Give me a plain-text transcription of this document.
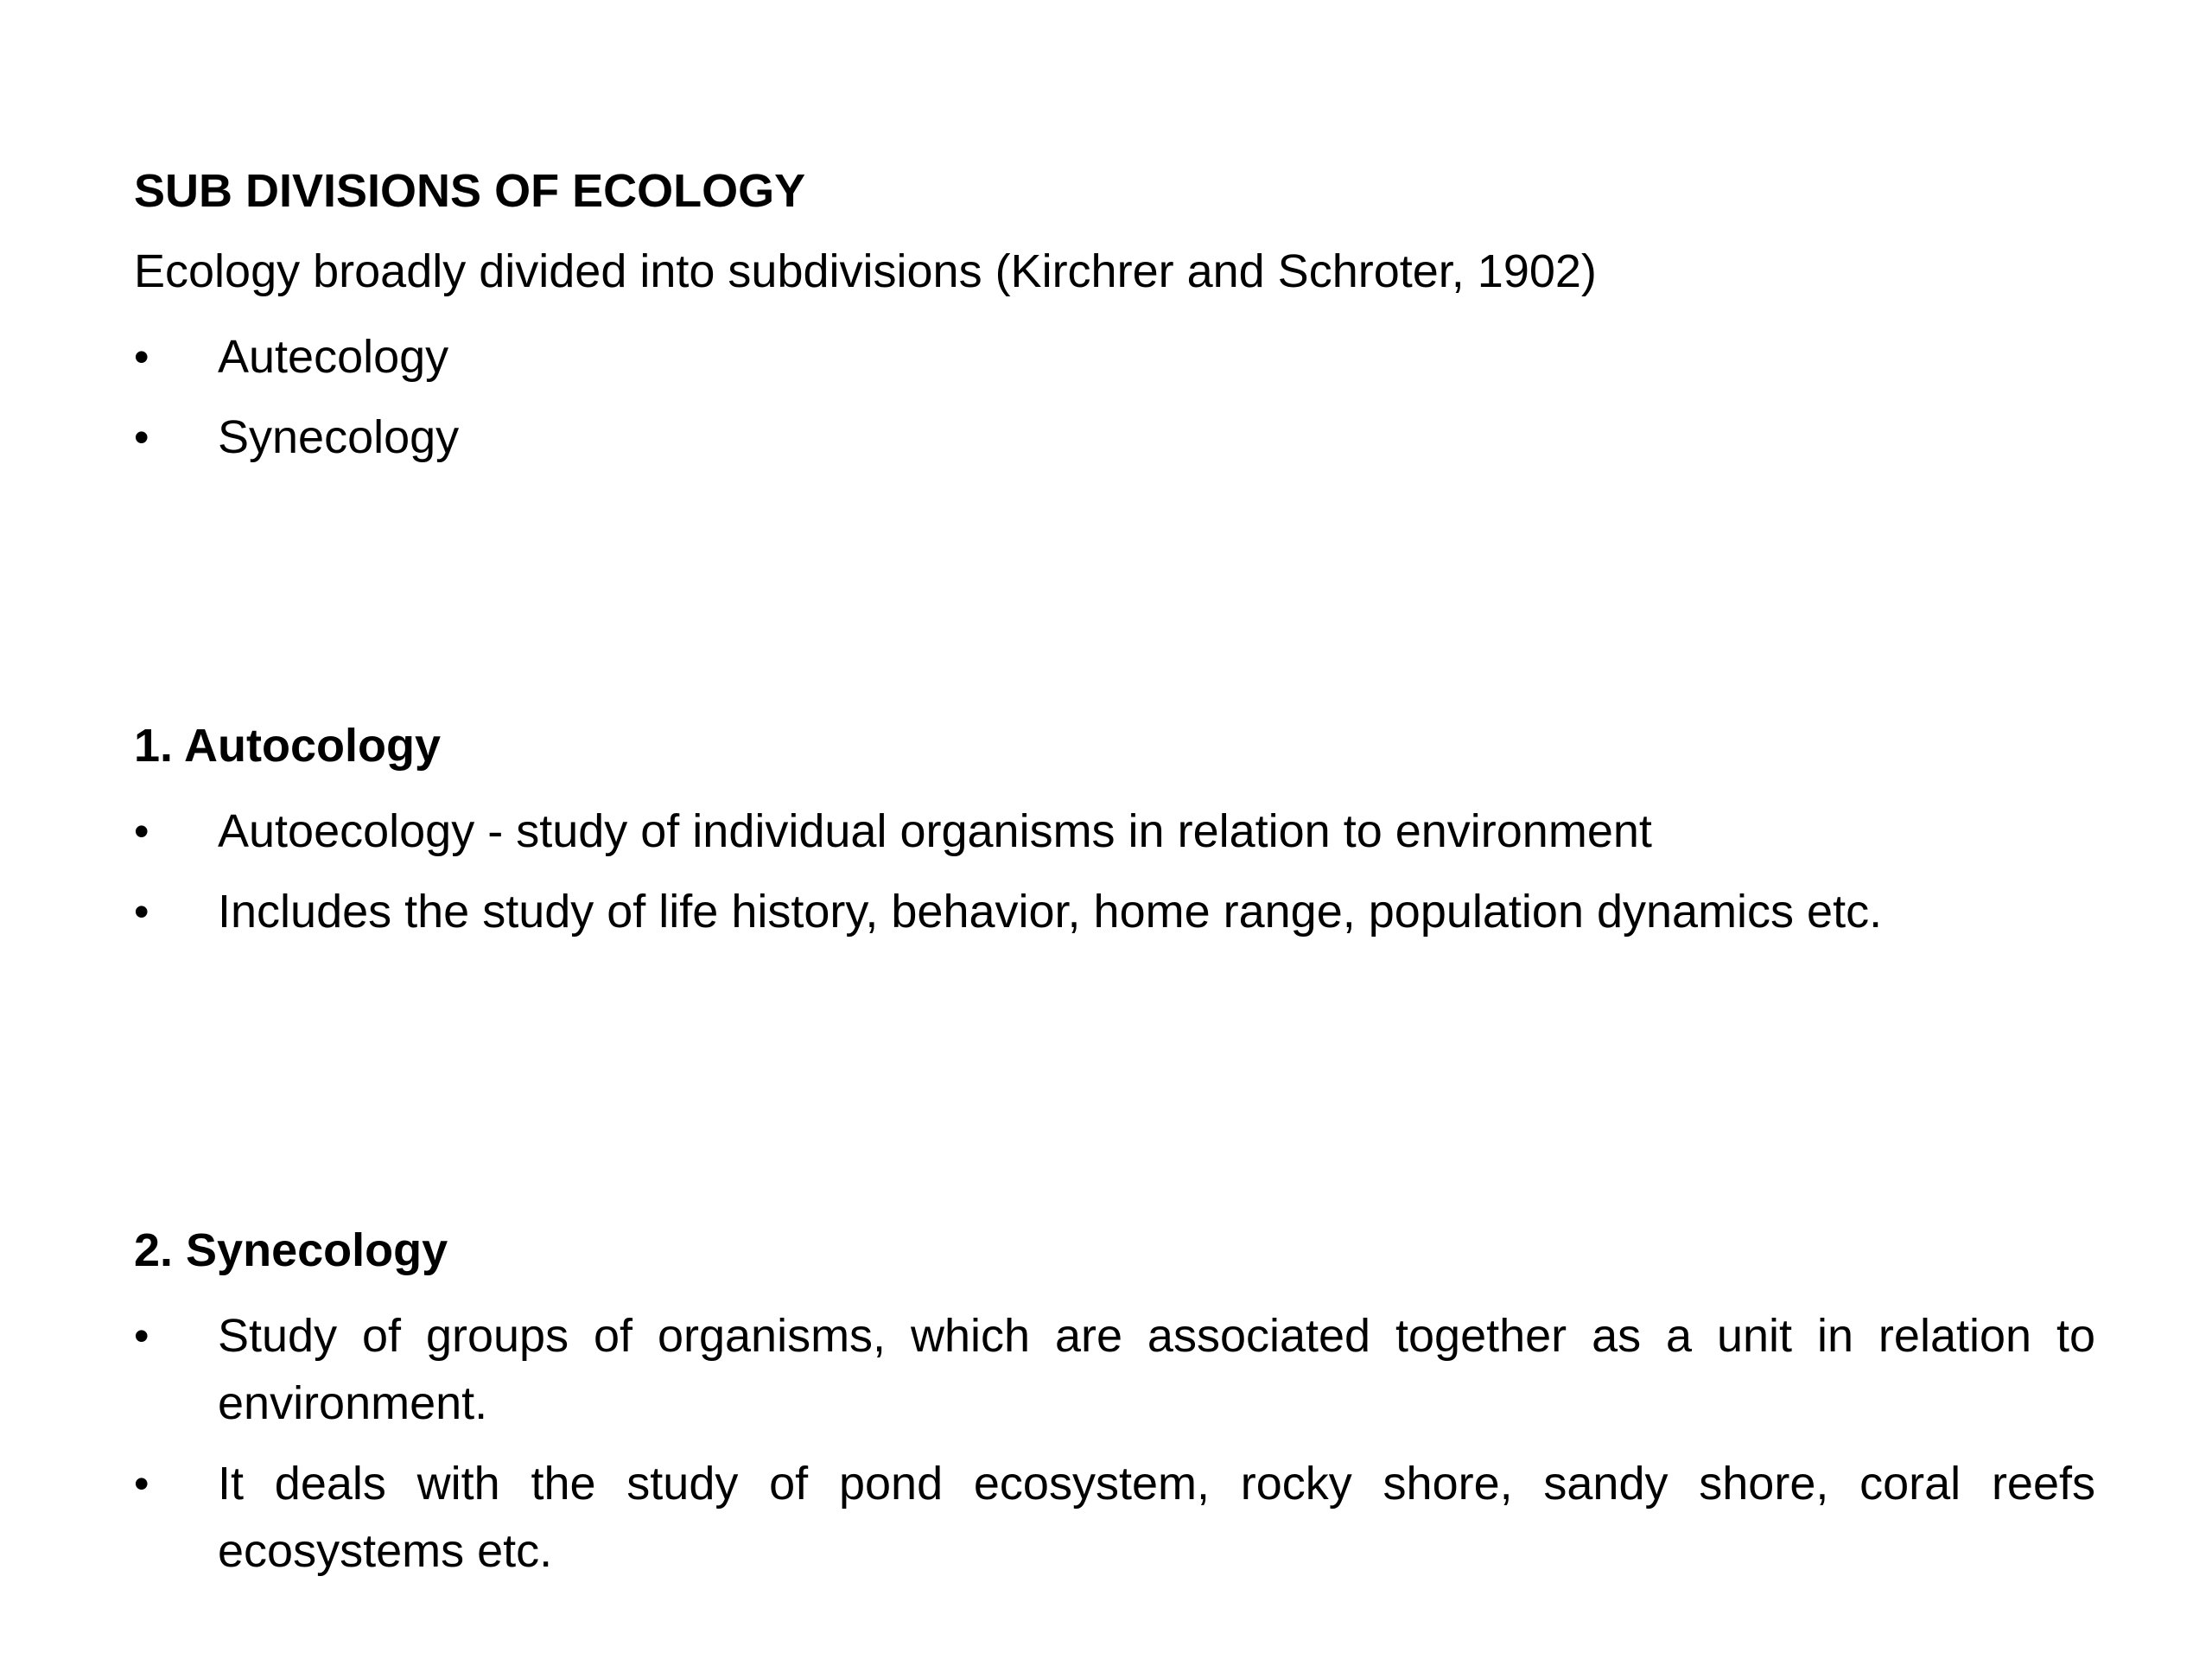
SUB DIVISIONS OF ECOLOGY
Ecology broadly divided into subdivisions (Kirchrer and Schroter, 1902)
• Autecology
• Synecology
1. Autocology
• Autoecology - study of individual organisms in relation to environment
• Includes the study of life history, behavior, home range, population dynamics etc.
2. Synecology
• Study of groups of organisms, which are associated together as a unit in relation to environment.
• It deals with the study of pond ecosystem, rocky shore, sandy shore, coral reefs ecosystems etc.
